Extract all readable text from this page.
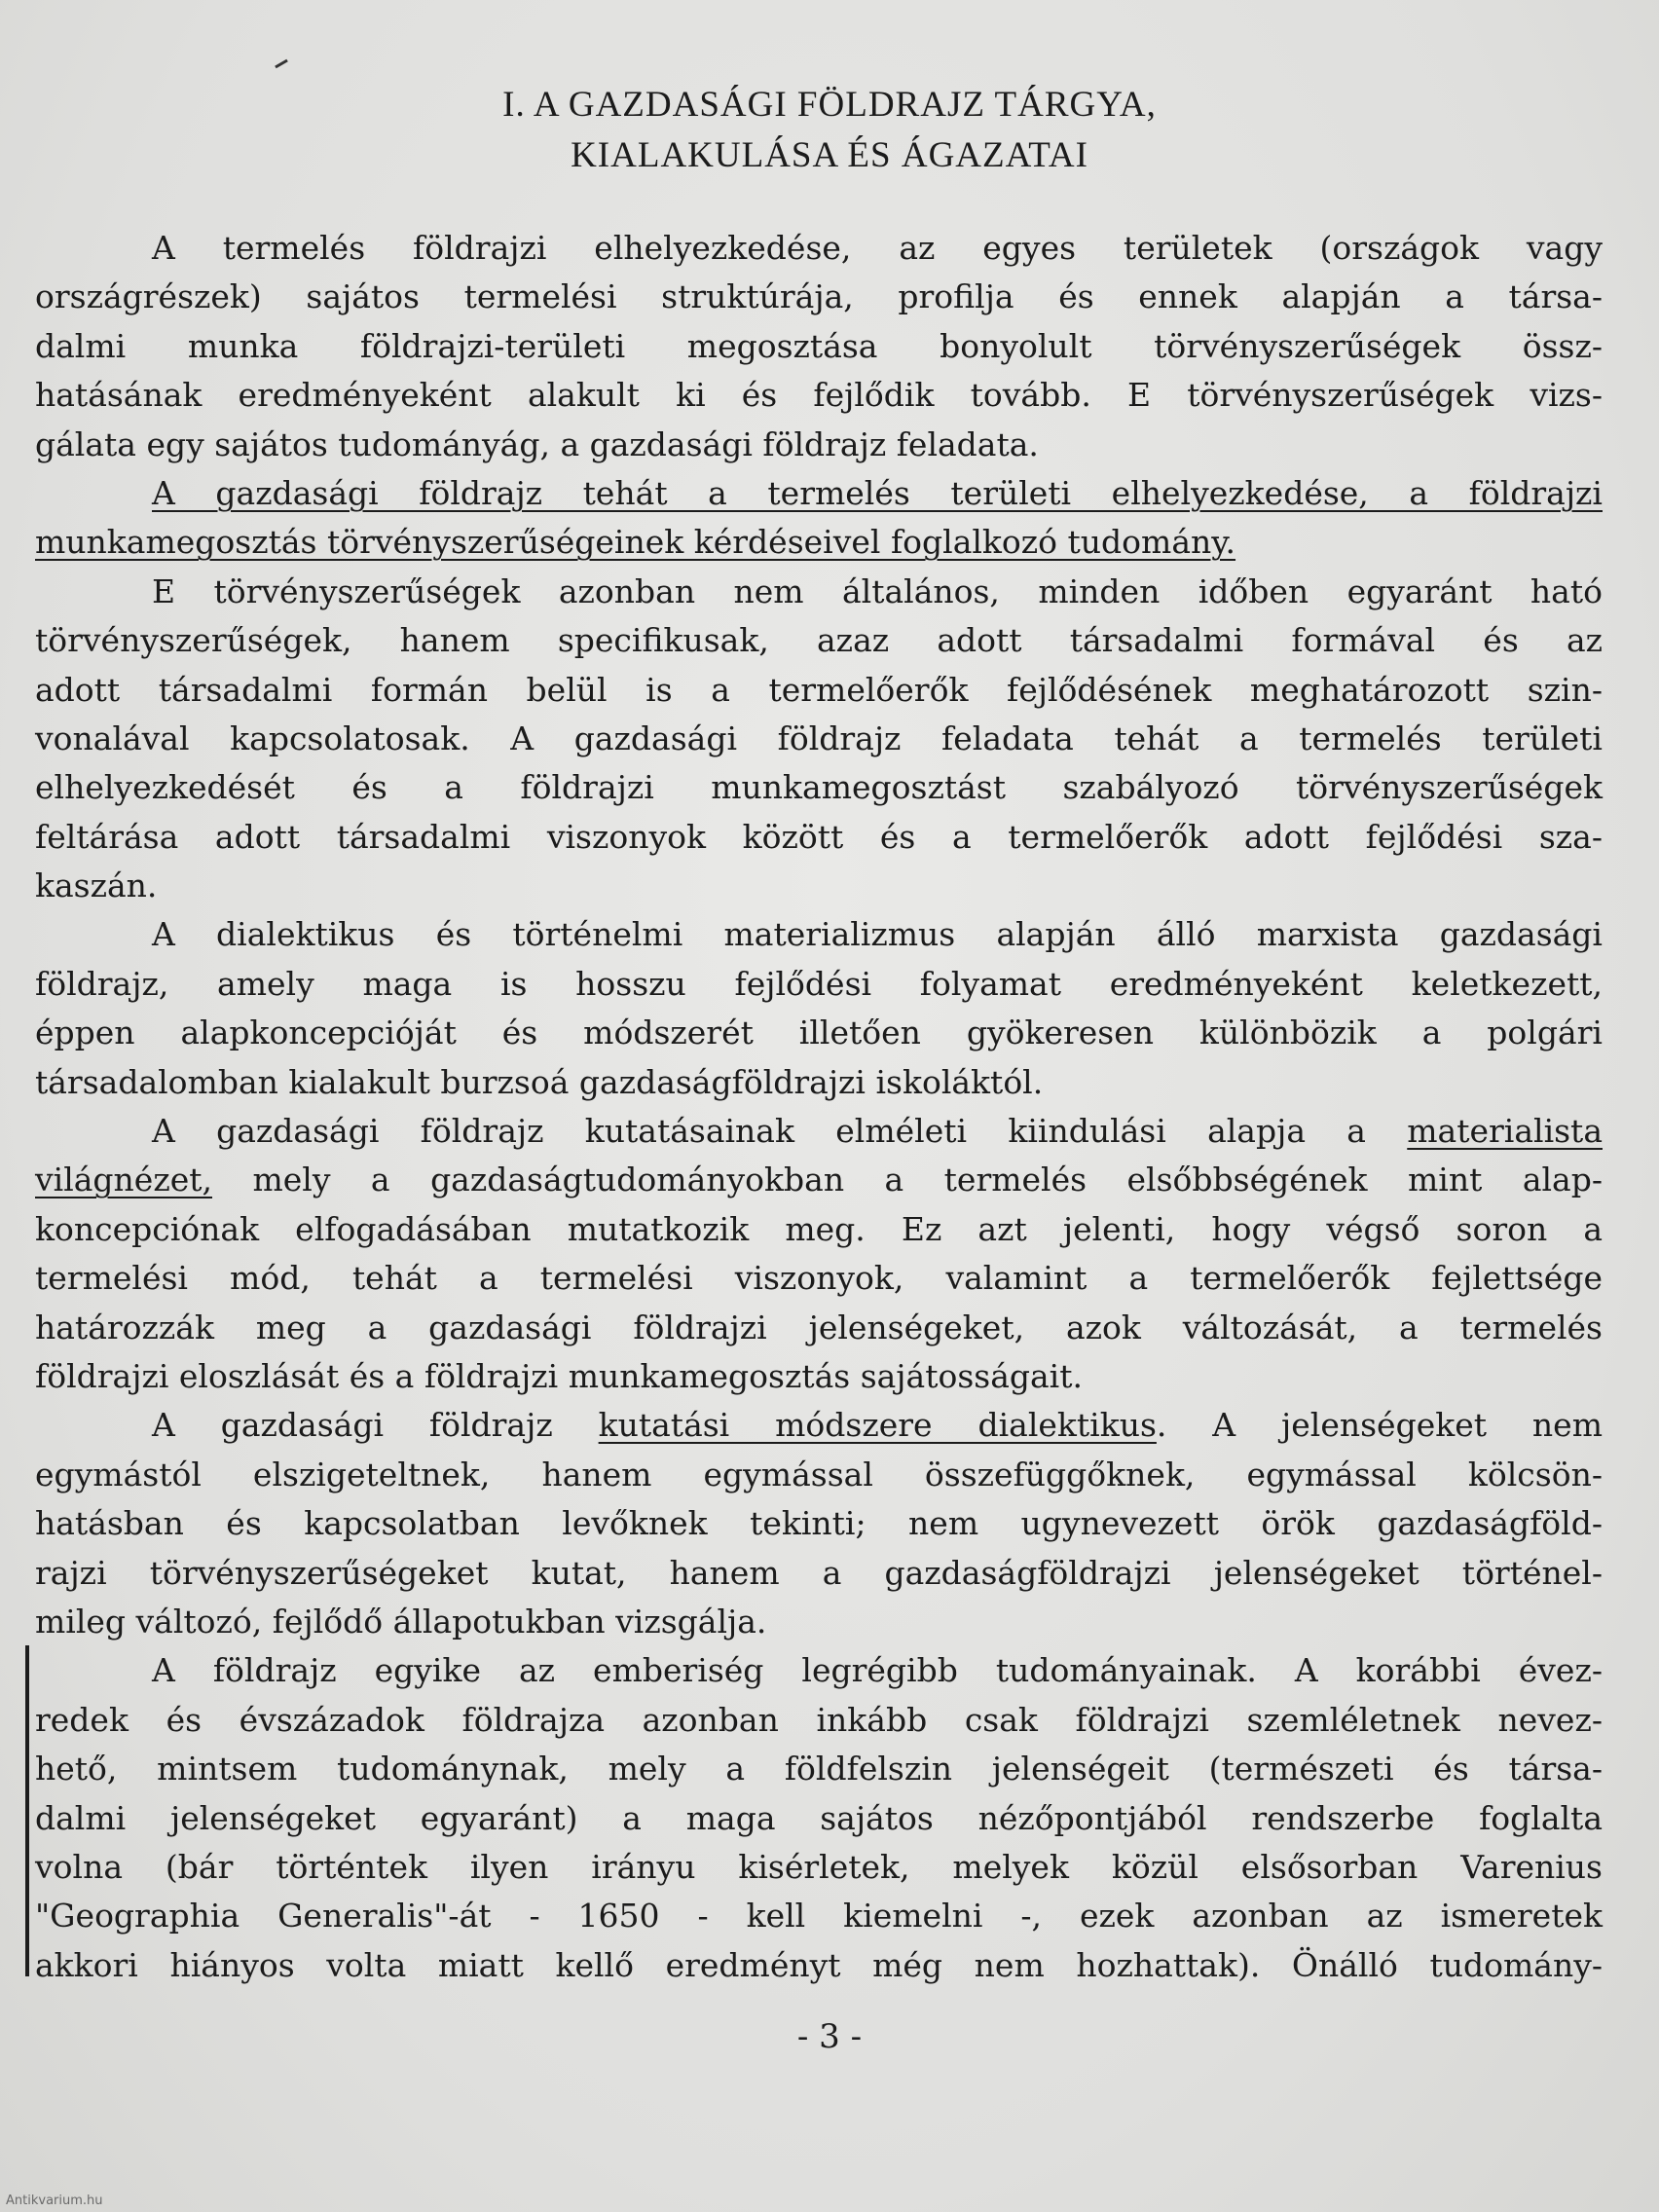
I. A GAZDASÁGI FÖLDRAJZ TÁRGYA,
KIALAKULÁSA ÉS ÁGAZATAI
A termelés földrajzi elhelyezkedése, az egyes területek (országok vagy
országrészek) sajátos termelési struktúrája, profilja és ennek alapján a társa-
dalmi munka földrajzi-területi megosztása bonyolult törvényszerűségek össz-
hatásának eredményeként alakult ki és fejlődik tovább. E törvényszerűségek vizs-
gálata egy sajátos tudományág, a gazdasági földrajz feladata.
A gazdasági földrajz tehát a termelés területi elhelyezkedése, a földrajzi
munkamegosztás törvényszerűségeinek kérdéseivel foglalkozó tudomány.
E törvényszerűségek azonban nem általános, minden időben egyaránt ható
törvényszerűségek, hanem specifikusak, azaz adott társadalmi formával és az
adott társadalmi formán belül is a termelőerők fejlődésének meghatározott szin-
vonalával kapcsolatosak. A gazdasági földrajz feladata tehát a termelés területi
elhelyezkedését és a földrajzi munkamegosztást szabályozó törvényszerűségek
feltárása adott társadalmi viszonyok között és a termelőerők adott fejlődési sza-
kaszán.
A dialektikus és történelmi materializmus alapján álló marxista gazdasági
földrajz, amely maga is hosszu fejlődési folyamat eredményeként keletkezett,
éppen alapkoncepcióját és módszerét illetően gyökeresen különbözik a polgári
társadalomban kialakult burzsoá gazdaságföldrajzi iskoláktól.
A gazdasági földrajz kutatásainak elméleti kiindulási alapja a materialista
világnézet, mely a gazdaságtudományokban a termelés elsőbbségének mint alap-
koncepciónak elfogadásában mutatkozik meg. Ez azt jelenti, hogy végső soron a
termelési mód, tehát a termelési viszonyok, valamint a termelőerők fejlettsége
határozzák meg a gazdasági földrajzi jelenségeket, azok változását, a termelés
földrajzi eloszlását és a földrajzi munkamegosztás sajátosságait.
A gazdasági földrajz kutatási módszere dialektikus. A jelenségeket nem
egymástól elszigeteltnek, hanem egymással összefüggőknek, egymással kölcsön-
hatásban és kapcsolatban levőknek tekinti; nem ugynevezett örök gazdaságföld-
rajzi törvényszerűségeket kutat, hanem a gazdaságföldrajzi jelenségeket történel-
mileg változó, fejlődő állapotukban vizsgálja.
A földrajz egyike az emberiség legrégibb tudományainak. A korábbi évez-
redek és évszázadok földrajza azonban inkább csak földrajzi szemléletnek nevez-
hető, mintsem tudománynak, mely a földfelszin jelenségeit (természeti és társa-
dalmi jelenségeket egyaránt) a maga sajátos nézőpontjából rendszerbe foglalta
volna (bár történtek ilyen irányu kisérletek, melyek közül elsősorban Varenius
"Geographia Generalis"-át - 1650 - kell kiemelni -, ezek azonban az ismeretek
akkori hiányos volta miatt kellő eredményt még nem hozhattak). Önálló tudomány-
- 3 -
Antikvarium.hu
